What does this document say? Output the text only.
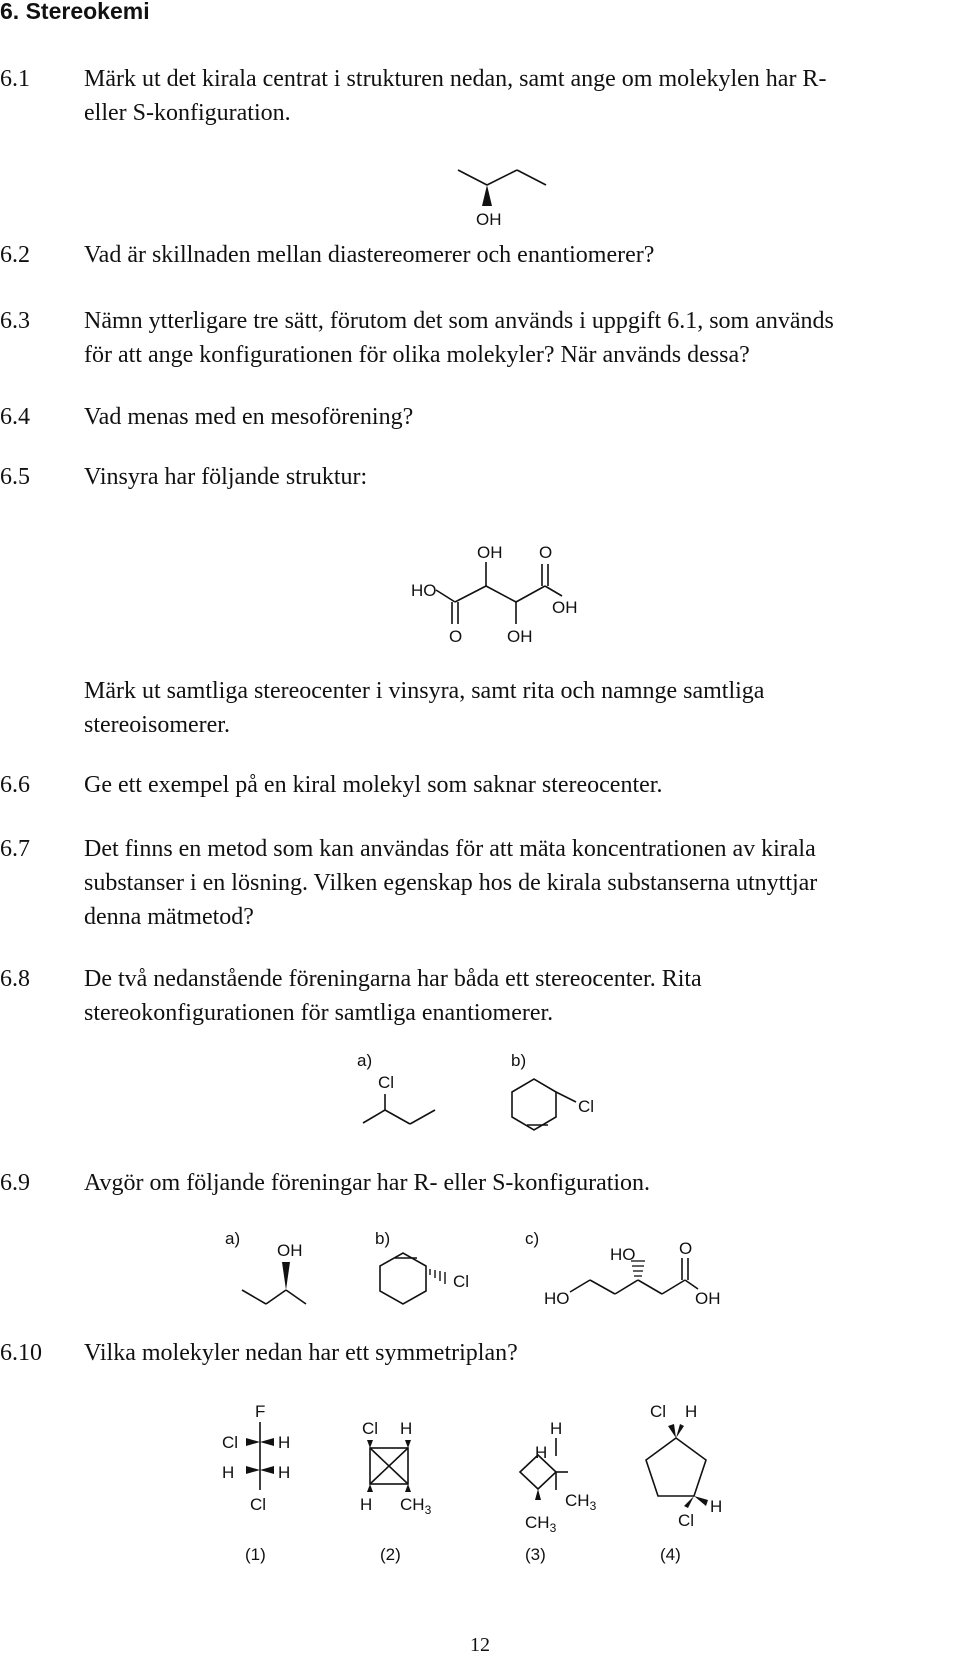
6. Stereokemi
6.1	Märk ut det kirala centrat i strukturen nedan, samt ange om molekylen har R-
eller S-konfiguration.
6.2	Vad är skillnaden mellan diastereomerer och enantiomerer?
6.3	Nämn ytterligare tre sätt, förutom det som används i uppgift 6.1, som används
för att ange konfigurationen för olika molekyler? När används dessa?
6.4	Vad menas med en mesoförening?
6.5	Vinsyra har följande struktur:
Märk ut samtliga stereocenter i vinsyra, samt rita och namnge samtliga
stereoisomerer.
6.6	Ge ett exempel på en kiral molekyl som saknar stereocenter.
6.7	Det finns en metod som kan användas för att mäta koncentrationen av kirala
substanser i en lösning. Vilken egenskap hos de kirala substanserna utnyttjar
denna mätmetod?
6.8	De två nedanstående föreningarna har båda ett stereocenter. Rita
stereokonfigurationen för samtliga enantiomerer.
6.9	Avgör om följande föreningar har R- eller S-konfiguration.
6.10	Vilka molekyler nedan har ett symmetriplan?
OH
HO
O
OH
OH
O
OH
a)
Cl
b)
Cl
a)
OH
b)
Cl
c)
HO
HO	O
OH
F
Cl H
H	H
Cl
(1)
Cl H
H $CH_3$
(2)
H
H
$CH_3$
$CH_3$
(3)
Cl H
H
Cl
(4)
12
